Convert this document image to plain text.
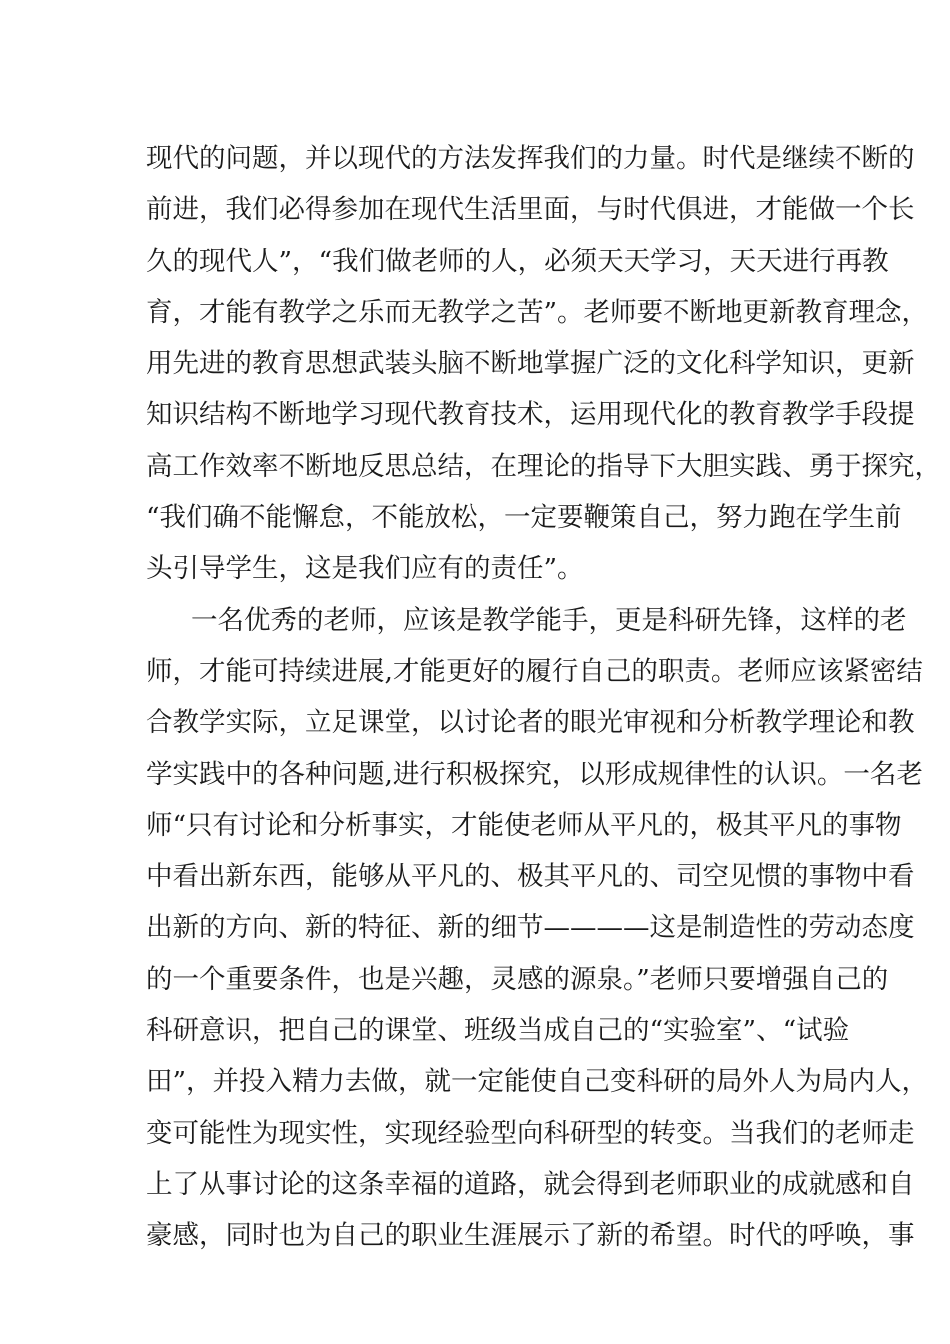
现代的问题，并以现代的方法发挥我们的力量。时代是继续不断的
前进，我们必得参加在现代生活里面，与时代俱进，才能做一个长
久的现代人”，“我们做老师的人，必须天天学习，天天进行再教
育，才能有教学之乐而无教学之苦”。老师要不断地更新教育理念，
用先进的教育思想武装头脑不断地掌握广泛的文化科学知识，更新
知识结构不断地学习现代教育技术，运用现代化的教育教学手段提
高工作效率不断地反思总结，在理论的指导下大胆实践、勇于探究，
“我们确不能懈怠，不能放松，一定要鞭策自己，努力跑在学生前
头引导学生，这是我们应有的责任”。
一名优秀的老师，应该是教学能手，更是科研先锋，这样的老
师，才能可持续进展,才能更好的履行自己的职责。老师应该紧密结
合教学实际，立足课堂，以讨论者的眼光审视和分析教学理论和教
学实践中的各种问题,进行积极探究，以形成规律性的认识。一名老
师“只有讨论和分析事实，才能使老师从平凡的，极其平凡的事物
中看出新东西，能够从平凡的、极其平凡的、司空见惯的事物中看
出新的方向、新的特征、新的细节————这是制造性的劳动态度
的一个重要条件，也是兴趣，灵感的源泉。”老师只要增强自己的
科研意识，把自己的课堂、班级当成自己的“实验室”、“试验
田”，并投入精力去做，就一定能使自己变科研的局外人为局内人，
变可能性为现实性，实现经验型向科研型的转变。当我们的老师走
上了从事讨论的这条幸福的道路，就会得到老师职业的成就感和自
豪感，同时也为自己的职业生涯展示了新的希望。时代的呼唤，事
